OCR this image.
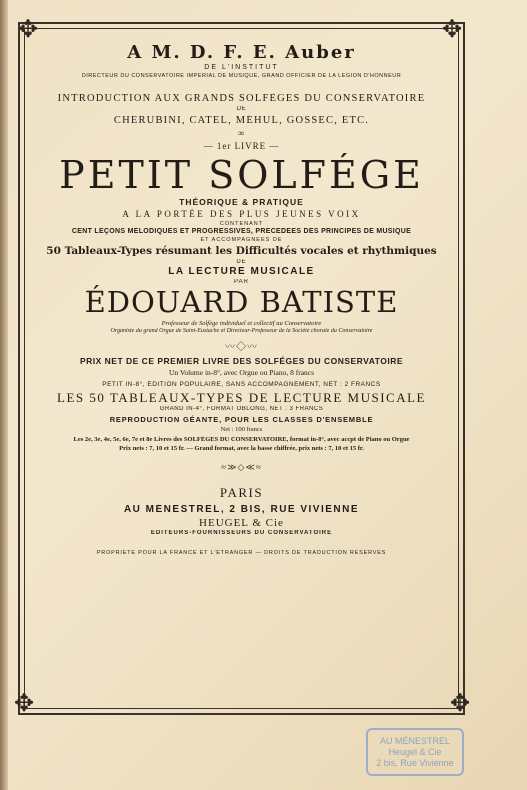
✥	✥
✥	✥
A M. D. F. E. Auber
DE L'INSTITUT
DIRECTEUR DU CONSERVATOIRE IMPÉRIAL DE MUSIQUE, GRAND OFFICIER DE LA LÉGION D'HONNEUR
INTRODUCTION AUX GRANDS SOLFÈGES DU CONSERVATOIRE
DE
CHERUBINI, CATEL, MÉHUL, GOSSEC, ETC.
∞
— 1er LIVRE —
PETIT SOLFÉGE
THÉORIQUE & PRATIQUE
A LA PORTÉE DES PLUS JEUNES VOIX
CONTENANT
CENT LEÇONS MÉLODIQUES ET PROGRESSIVES, PRÉCÉDÉES DES PRINCIPES DE MUSIQUE
ET ACCOMPAGNÉES DE
50 Tableaux-Types résumant les Difficultés vocales et rhythmiques
DE
LA LECTURE MUSICALE
PAR
ÉDOUARD BATISTE
Professeur de Solfège individuel et collectif au Conservatoire
Organiste du grand Orgue de Saint-Eustache et Directeur-Professeur de la Société chorale du Conservatoire
〰◇〰
PRIX NET DE CE PREMIER LIVRE DES SOLFÉGES DU CONSERVATOIRE
Un Volume in-8°, avec Orgue ou Piano, 8 francs
PETIT IN-8°, ÉDITION POPULAIRE, SANS ACCOMPAGNEMENT, NET : 2 FRANCS
LES 50 TABLEAUX-TYPES DE LECTURE MUSICALE
GRAND IN-4°, FORMAT OBLONG, NET : 3 FRANCS
REPRODUCTION GÉANTE, POUR LES CLASSES D'ENSEMBLE
Net : 100 francs
Les 2e, 3e, 4e, 5e, 6e, 7e et 8e Livres des SOLFÉGES DU CONSERVATOIRE, format in-8°, avec accpt de Piano ou Orgue
Prix nets : 7, 10 et 15 fr. — Grand format, avec la basse chiffrée, prix nets : 7, 10 et 15 fr.
≈≫◇≪≈
PARIS
AU MÉNESTREL, 2 BIS, RUE VIVIENNE
HEUGEL & Cie
ÉDITEURS-FOURNISSEURS DU CONSERVATOIRE
PROPRIÉTÉ POUR LA FRANCE ET L'ÉTRANGER — DROITS DE TRADUCTION RÉSERVÉS
AU MÉNESTREL
Heugel & Cie
2 bis, Rue Vivienne
